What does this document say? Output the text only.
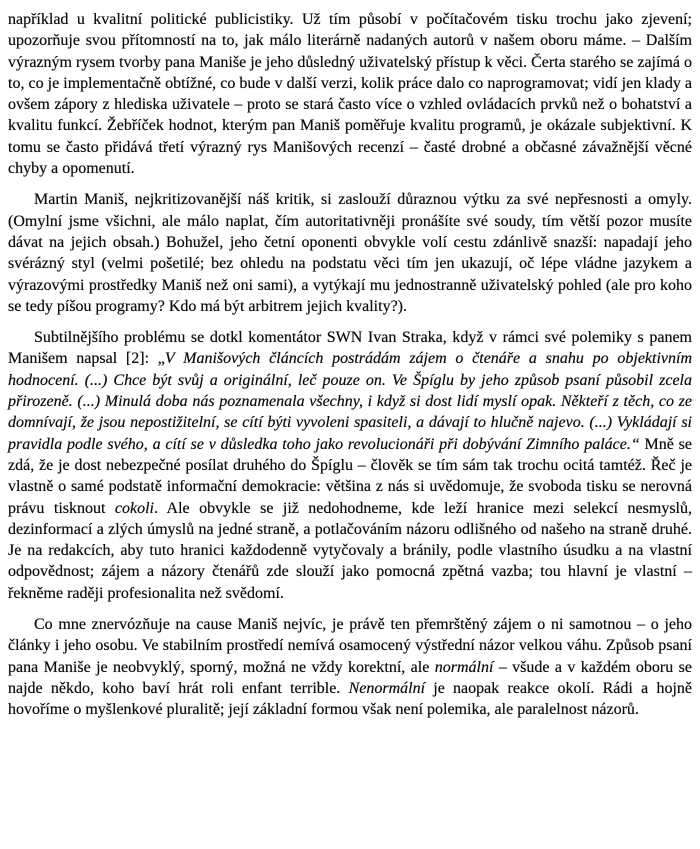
například u kvalitní politické publicistiky. Už tím působí v počítačovém tisku trochu jako zjevení; upozorňuje svou přítomností na to, jak málo literárně nadaných autorů v našem oboru máme. – Dalším výrazným rysem tvorby pana Maniše je jeho důsledný uživatelský přístup k věci. Čerta starého se zajímá o to, co je implementačně obtížné, co bude v další verzi, kolik práce dalo co naprogramovat; vidí jen klady a ovšem zápory z hlediska uživatele – proto se stará často více o vzhled ovládacích prvků než o bohatství a kvalitu funkcí. Žebříček hodnot, kterým pan Maniš poměřuje kvalitu programů, je okázale subjektivní. K tomu se často přidává třetí výrazný rys Manišových recenzí – časté drobné a občasné závažnější věcné chyby a opomenutí.

Martin Maniš, nejkritizovanější náš kritik, si zaslouží důraznou výtku za své nepřesnosti a omyly. (Omylní jsme všichni, ale málo naplat, čím autoritativněji pronášíte své soudy, tím větší pozor musíte dávat na jejich obsah.) Bohužel, jeho četní oponenti obvykle volí cestu zdánlivě snazší: napadají jeho svérázný styl (velmi pošetilé; bez ohledu na podstatu věci tím jen ukazují, oč lépe vládne jazykem a výrazovými prostředky Maniš než oni sami), a vytýkají mu jednostranně uživatelský pohled (ale pro koho se tedy píšou programy? Kdo má být arbitrem jejich kvality?).

Subtilnějšího problému se dotkl komentátor SWN Ivan Straka, když v rámci své polemiky s panem Manišem napsal [2]: „V Manišových článcích postrádám zájem o čtenáře a snahu po objektivním hodnocení. (...) Chce být svůj a originální, leč pouze on. Ve Špíglu by jeho způsob psaní působil zcela přirozeně. (...) Minulá doba nás poznamenala všechny, i když si dost lidí myslí opak. Někteří z těch, co ze domnívají, že jsou nepostižitelní, se cítí býti vyvoleni spasiteli, a dávají to hlučně najevo. (...) Vykládají si pravidla podle svého, a cítí se v důsledka toho jako revolucionáři při dobývání Zimního paláce.“ Mně se zdá, že je dost nebezpečné posílat druhého do Špíglu – člověk se tím sám tak trochu ocitá tamtéž. Řeč je vlastně o samé podstatě informační demokracie: většina z nás si uvědomuje, že svoboda tisku se nerovná právu tisknout cokoli. Ale obvykle se již nedohodneme, kde leží hranice mezi selekcí nesmyslů, dezinformací a zlých úmyslů na jedné straně, a potlačováním názoru odlišného od našeho na straně druhé. Je na redakcích, aby tuto hranici každodenně vytyčovaly a bránily, podle vlastního úsudku a na vlastní odpovědnost; zájem a názory čtenářů zde slouží jako pomocná zpětná vazba; tou hlavní je vlastní – řekněme raději profesionalita než svědomí.

Co mne znervózňuje na cause Maniš nejvíc, je právě ten přemrštěný zájem o ni samotnou – o jeho články i jeho osobu. Ve stabilním prostředí nemívá osamocený výstřední názor velkou váhu. Způsob psaní pana Maniše je neobvyklý, sporný, možná ne vždy korektní, ale normální – všude a v každém oboru se najde někdo, koho baví hrát roli enfant terrible. Nenormální je naopak reakce okolí. Rádi a hojně hovoříme o myšlenkové pluralitě; její základní formou však není polemika, ale paralelnost názorů.
